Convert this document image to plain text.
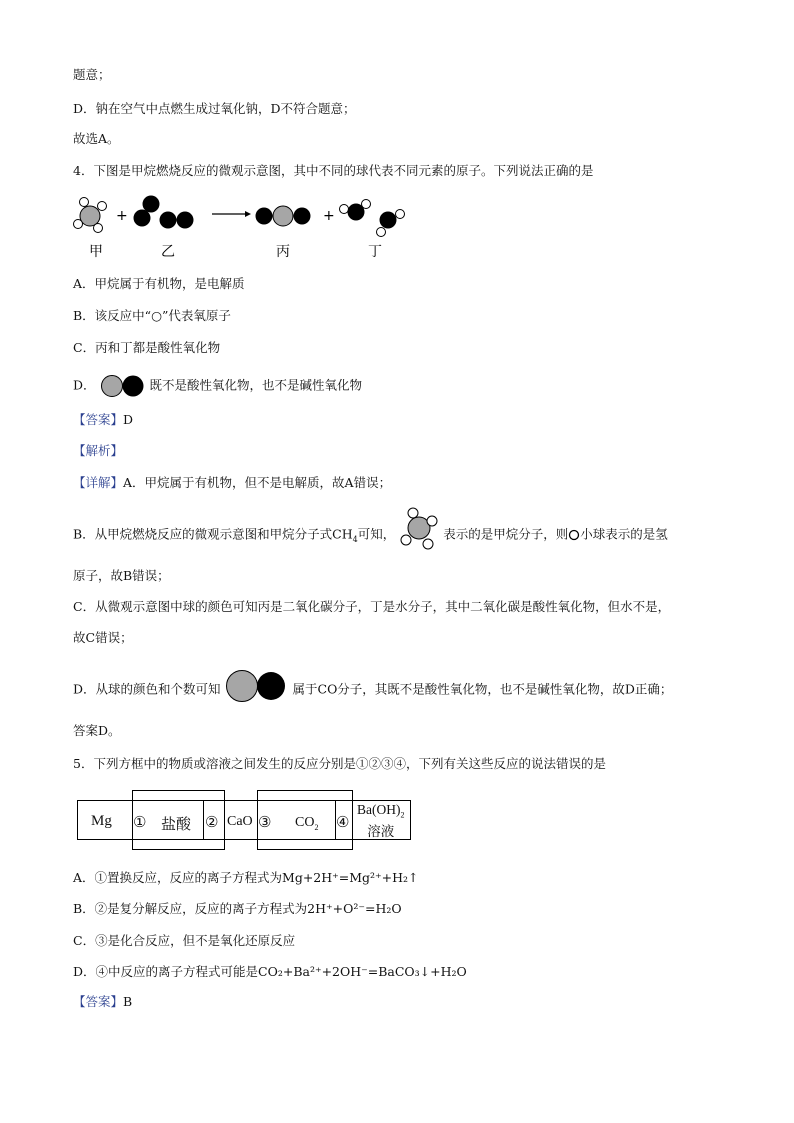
题意；
D．钠在空气中点燃生成过氧化钠，D不符合题意；
故选A。
4．下图是甲烷燃烧反应的微观示意图，其中不同的球代表不同元素的原子。下列说法正确的是
+	+
甲	乙	丙	丁
A．甲烷属于有机物，是电解质
B．该反应中“○”代表氧原子
C．丙和丁都是酸性氧化物
D．	既不是酸性氧化物，也不是碱性氧化物
【答案】D
【解析】
【详解】A．甲烷属于有机物，但不是电解质，故A错误；
B．从甲烷燃烧反应的微观示意图和甲烷分子式$CH_4$可知，	表示的是甲烷分子，则 小球表示的是氢
原子，故B错误；
C．从微观示意图中球的颜色可知丙是二氧化碳分子，丁是水分子，其中二氧化碳是酸性氧化物，但水不是，
故C错误；
D．从球的颜色和个数可知	属于CO分子，其既不是酸性氧化物，也不是碱性氧化物，故D正确；
答案D。
5．下列方框中的物质或溶液之间发生的反应分别是①②③④，下列有关这些反应的说法错误的是
Mg ① 盐酸 ② CaO ③ $CO_2$ ④
$Ba(OH)_2$
溶液
A．①置换反应，反应的离子方程式为Mg+2H⁺=Mg²⁺+H₂↑
B．②是复分解反应，反应的离子方程式为2H⁺+O²⁻=H₂O
C．③是化合反应，但不是氧化还原反应
D．④中反应的离子方程式可能是CO₂+Ba²⁺+2OH⁻=BaCO₃↓+H₂O
【答案】B
